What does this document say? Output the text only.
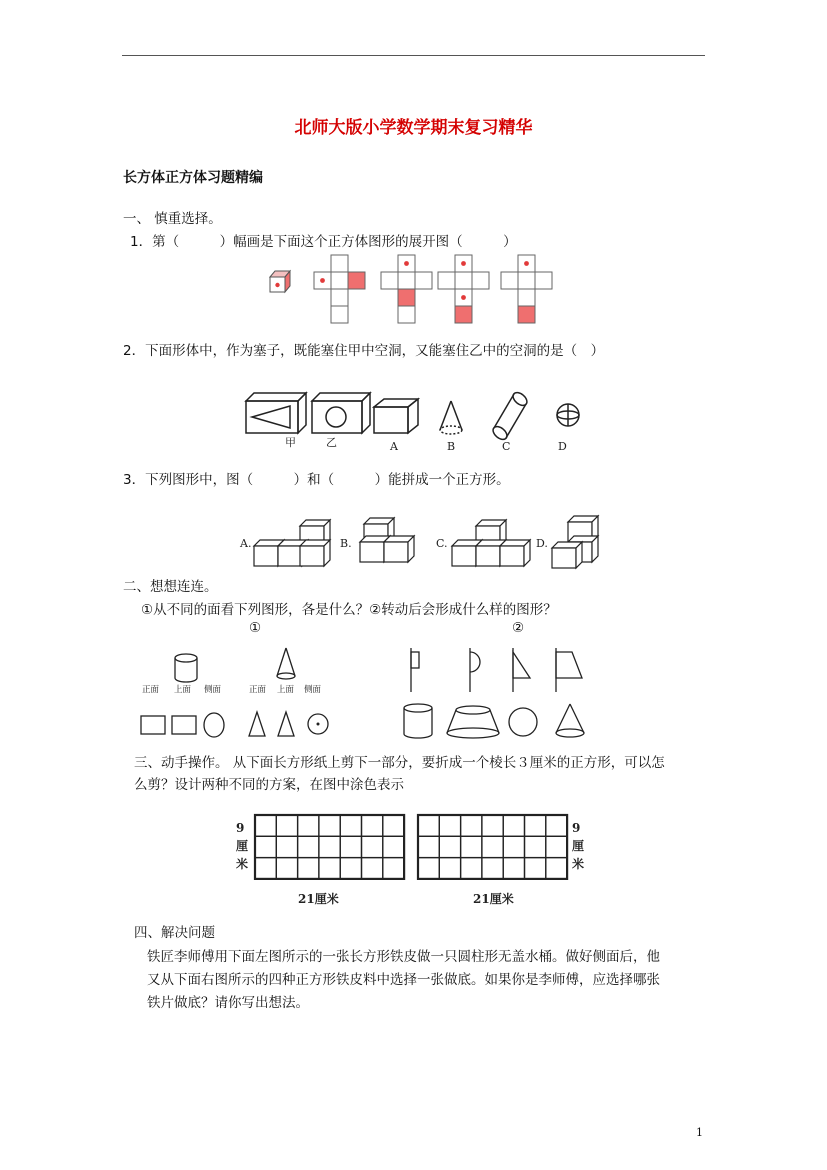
北师大版小学数学期末复习精华
长方体正方体习题精编
一、 慎重选择。
1．第（　　　）幅画是下面这个正方体图形的展开图（　　　）
2．下面形体中，作为塞子，既能塞住甲中空洞，又能塞住乙中的空洞的是（　）
甲	乙	A	B	C	D
3．下列图形中，图（　　　）和（　　　）能拼成一个正方形。
A.	B.	C.	D.
二、想想连连。
①从不同的面看下列图形，各是什么？②转动后会形成什么样的图形？
①	②
正面 上面 侧面	正面 上面 侧面
三、动手操作。 从下面长方形纸上剪下一部分，要折成一个棱长３厘米的正方形，可以怎
么剪？设计两种不同的方案，在图中涂色表示
9
厘
米
9
厘
米
21厘米	21厘米
四、解决问题
铁匠李师傅用下面左图所示的一张长方形铁皮做一只圆柱形无盖水桶。做好侧面后，他
又从下面右图所示的四种正方形铁皮料中选择一张做底。如果你是李师傅，应选择哪张
铁片做底？请你写出想法。
1
